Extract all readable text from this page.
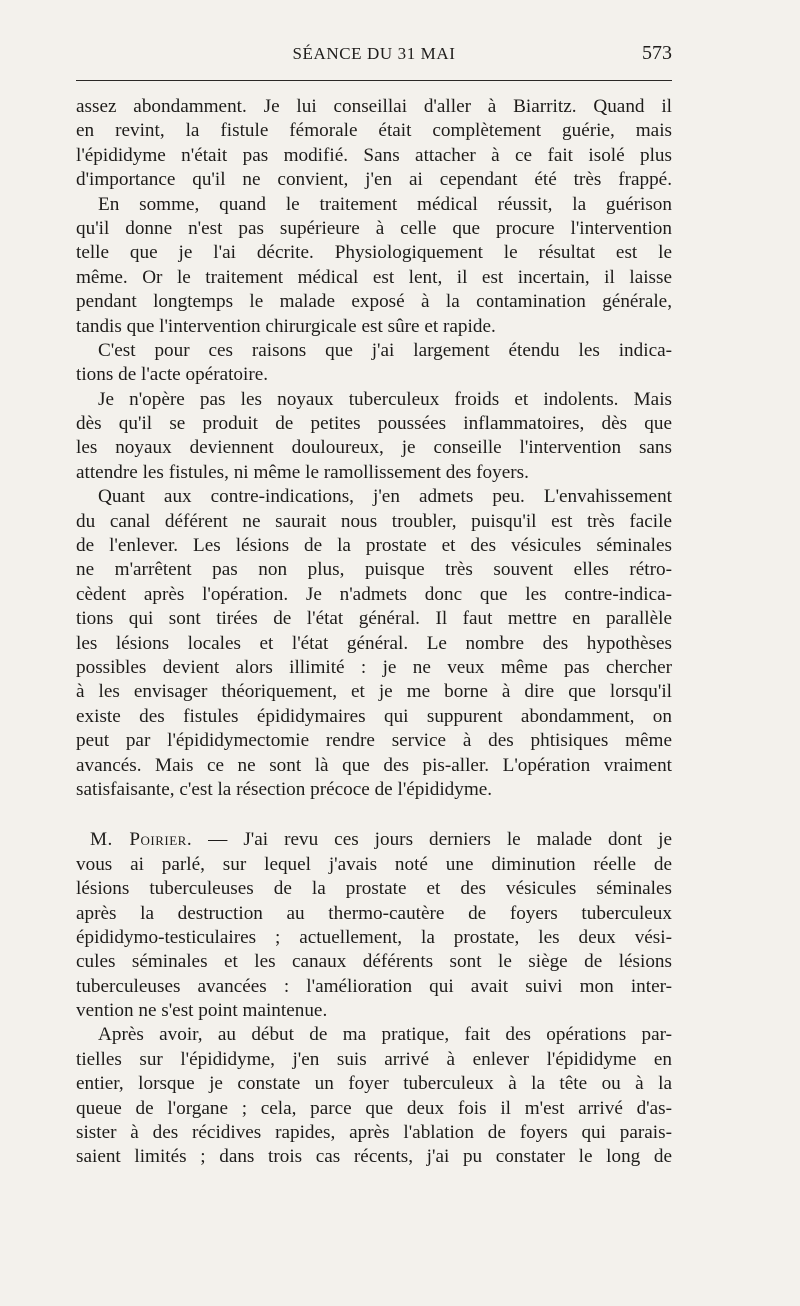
SÉANCE DU 31 MAI	573
assez abondamment. Je lui conseillai d'aller à Biarritz. Quand il
en revint, la fistule fémorale était complètement guérie, mais
l'épididyme n'était pas modifié. Sans attacher à ce fait isolé plus
d'importance qu'il ne convient, j'en ai cependant été très frappé.
En somme, quand le traitement médical réussit, la guérison
qu'il donne n'est pas supérieure à celle que procure l'intervention
telle que je l'ai décrite. Physiologiquement le résultat est le
même. Or le traitement médical est lent, il est incertain, il laisse
pendant longtemps le malade exposé à la contamination générale,
tandis que l'intervention chirurgicale est sûre et rapide.
C'est pour ces raisons que j'ai largement étendu les indica-
tions de l'acte opératoire.
Je n'opère pas les noyaux tuberculeux froids et indolents. Mais
dès qu'il se produit de petites poussées inflammatoires, dès que
les noyaux deviennent douloureux, je conseille l'intervention sans
attendre les fistules, ni même le ramollissement des foyers.
Quant aux contre-indications, j'en admets peu. L'envahissement
du canal déférent ne saurait nous troubler, puisqu'il est très facile
de l'enlever. Les lésions de la prostate et des vésicules séminales
ne m'arrêtent pas non plus, puisque très souvent elles rétro-
cèdent après l'opération. Je n'admets donc que les contre-indica-
tions qui sont tirées de l'état général. Il faut mettre en parallèle
les lésions locales et l'état général. Le nombre des hypothèses
possibles devient alors illimité : je ne veux même pas chercher
à les envisager théoriquement, et je me borne à dire que lorsqu'il
existe des fistules épididymaires qui suppurent abondamment, on
peut par l'épididymectomie rendre service à des phtisiques même
avancés. Mais ce ne sont là que des pis-aller. L'opération vraiment
satisfaisante, c'est la résection précoce de l'épididyme.
M. Poirier. — J'ai revu ces jours derniers le malade dont je
vous ai parlé, sur lequel j'avais noté une diminution réelle de
lésions tuberculeuses de la prostate et des vésicules séminales
après la destruction au thermo-cautère de foyers tuberculeux
épididymo-testiculaires ; actuellement, la prostate, les deux vési-
cules séminales et les canaux déférents sont le siège de lésions
tuberculeuses avancées : l'amélioration qui avait suivi mon inter-
vention ne s'est point maintenue.
Après avoir, au début de ma pratique, fait des opérations par-
tielles sur l'épididyme, j'en suis arrivé à enlever l'épididyme en
entier, lorsque je constate un foyer tuberculeux à la tête ou à la
queue de l'organe ; cela, parce que deux fois il m'est arrivé d'as-
sister à des récidives rapides, après l'ablation de foyers qui parais-
saient limités ; dans trois cas récents, j'ai pu constater le long de
